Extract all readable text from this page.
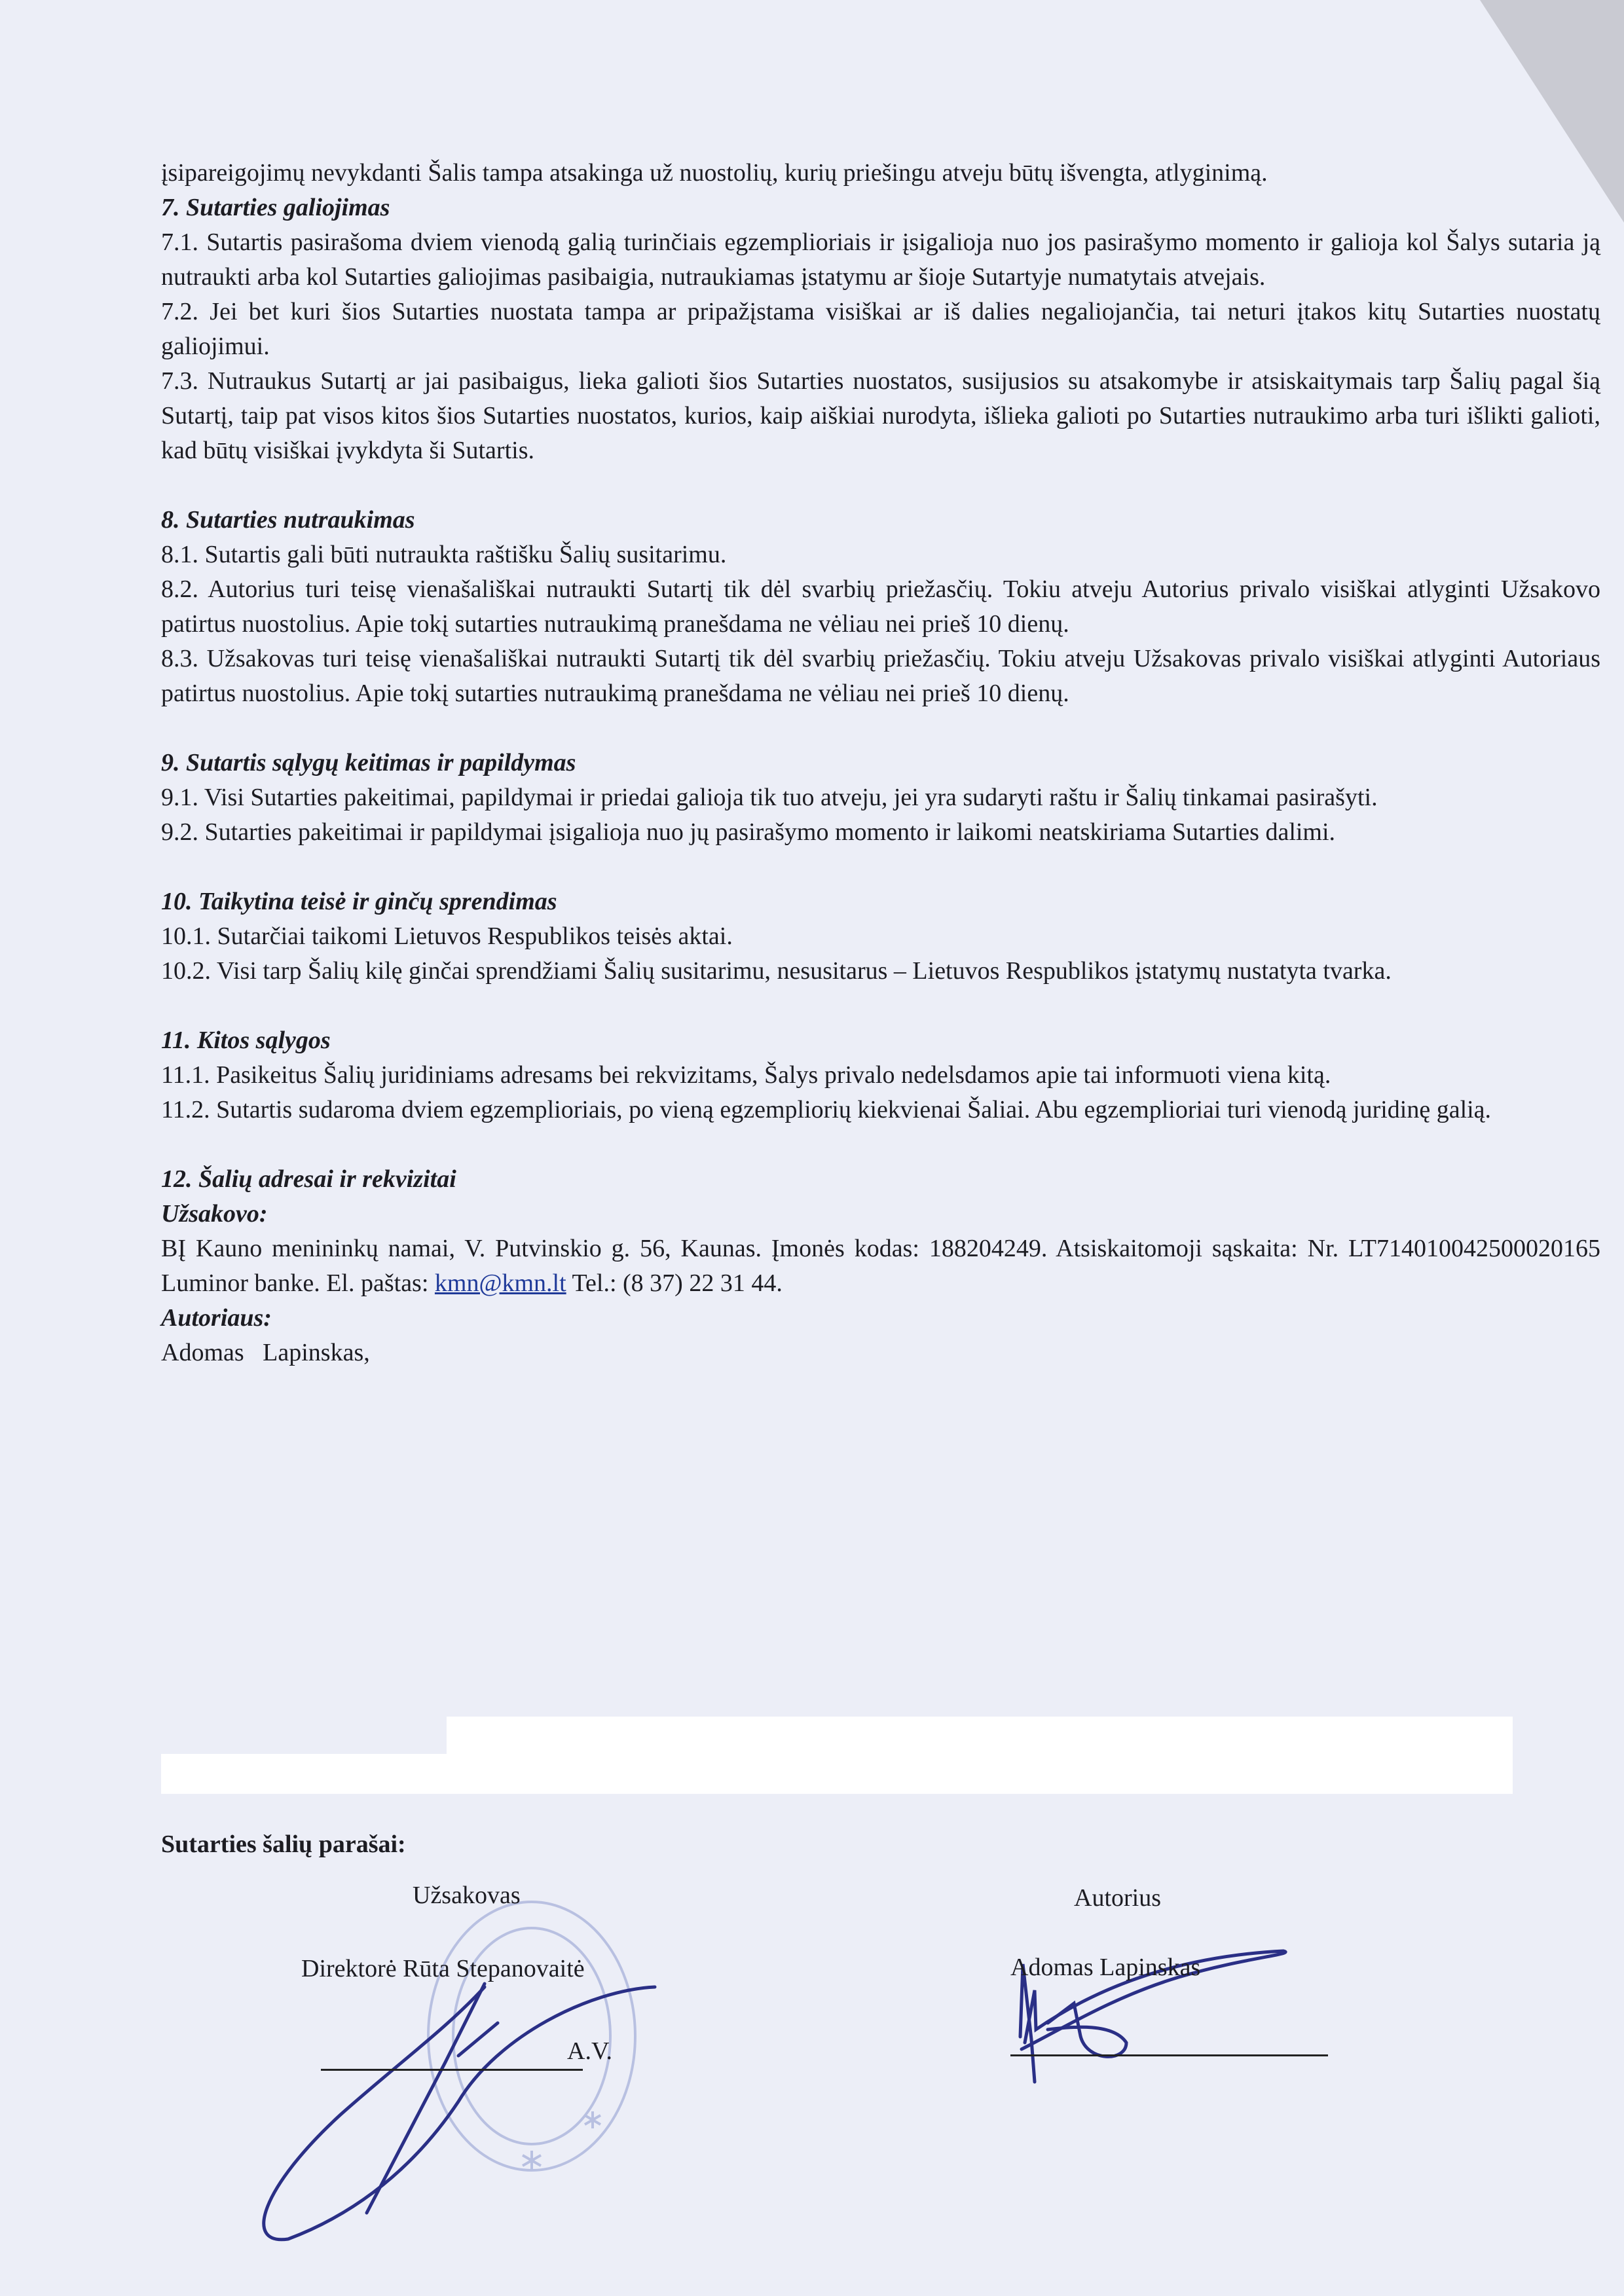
įsipareigojimų nevykdanti Šalis tampa atsakinga už nuostolių, kurių priešingu atveju būtų išvengta, atlyginimą.

7. Sutarties galiojimas

7.1. Sutartis pasirašoma dviem vienodą galią turinčiais egzemplioriais ir įsigalioja nuo jos pasirašymo momento ir galioja kol Šalys sutaria ją nutraukti arba kol Sutarties galiojimas pasibaigia, nutraukiamas įstatymu ar šioje Sutartyje numatytais atvejais.

7.2. Jei bet kuri šios Sutarties nuostata tampa ar pripažįstama visiškai ar iš dalies negaliojančia, tai neturi įtakos kitų Sutarties nuostatų galiojimui.

7.3. Nutraukus Sutartį ar jai pasibaigus, lieka galioti šios Sutarties nuostatos, susijusios su atsakomybe ir atsiskaitymais tarp Šalių pagal šią Sutartį, taip pat visos kitos šios Sutarties nuostatos, kurios, kaip aiškiai nurodyta, išlieka galioti po Sutarties nutraukimo arba turi išlikti galioti, kad būtų visiškai įvykdyta ši Sutartis.

8. Sutarties nutraukimas

8.1. Sutartis gali būti nutraukta raštišku Šalių susitarimu.

8.2. Autorius turi teisę vienašališkai nutraukti Sutartį tik dėl svarbių priežasčių. Tokiu atveju Autorius privalo visiškai atlyginti Užsakovo patirtus nuostolius. Apie tokį sutarties nutraukimą pranešdama ne vėliau nei prieš 10 dienų.

8.3. Užsakovas turi teisę vienašališkai nutraukti Sutartį tik dėl svarbių priežasčių. Tokiu atveju Užsakovas privalo visiškai atlyginti Autoriaus patirtus nuostolius. Apie tokį sutarties nutraukimą pranešdama ne vėliau nei prieš 10 dienų.

9. Sutartis sąlygų keitimas ir papildymas

9.1. Visi Sutarties pakeitimai, papildymai ir priedai galioja tik tuo atveju, jei yra sudaryti raštu ir Šalių tinkamai pasirašyti.

9.2. Sutarties pakeitimai ir papildymai įsigalioja nuo jų pasirašymo momento ir laikomi neatskiriama Sutarties dalimi.

10. Taikytina teisė ir ginčų sprendimas

10.1. Sutarčiai taikomi Lietuvos Respublikos teisės aktai.

10.2. Visi tarp Šalių kilę ginčai sprendžiami Šalių susitarimu, nesusitarus – Lietuvos Respublikos įstatymų nustatyta tvarka.

11. Kitos sąlygos

11.1. Pasikeitus Šalių juridiniams adresams bei rekvizitams, Šalys privalo nedelsdamos apie tai informuoti viena kitą.

11.2. Sutartis sudaroma dviem egzemplioriais, po vieną egzempliorių kiekvienai Šaliai. Abu egzemplioriai turi vienodą juridinę galią.

12. Šalių adresai ir rekvizitai
Užsakovo:

BĮ Kauno menininkų namai, V. Putvinskio g. 56, Kaunas. Įmonės kodas: 188204249. Atsiskaitomoji sąskaita: Nr. LT714010042500020165 Luminor banke. El. paštas: kmn@kmn.lt Tel.: (8 37) 22 31 44.

Autoriaus:

Adomas   Lapinskas,

Sutarties šalių parašai:
Užsakovas
Direktorė Rūta Stepanovaitė
A.V.
Autorius
Adomas Lapinskas
